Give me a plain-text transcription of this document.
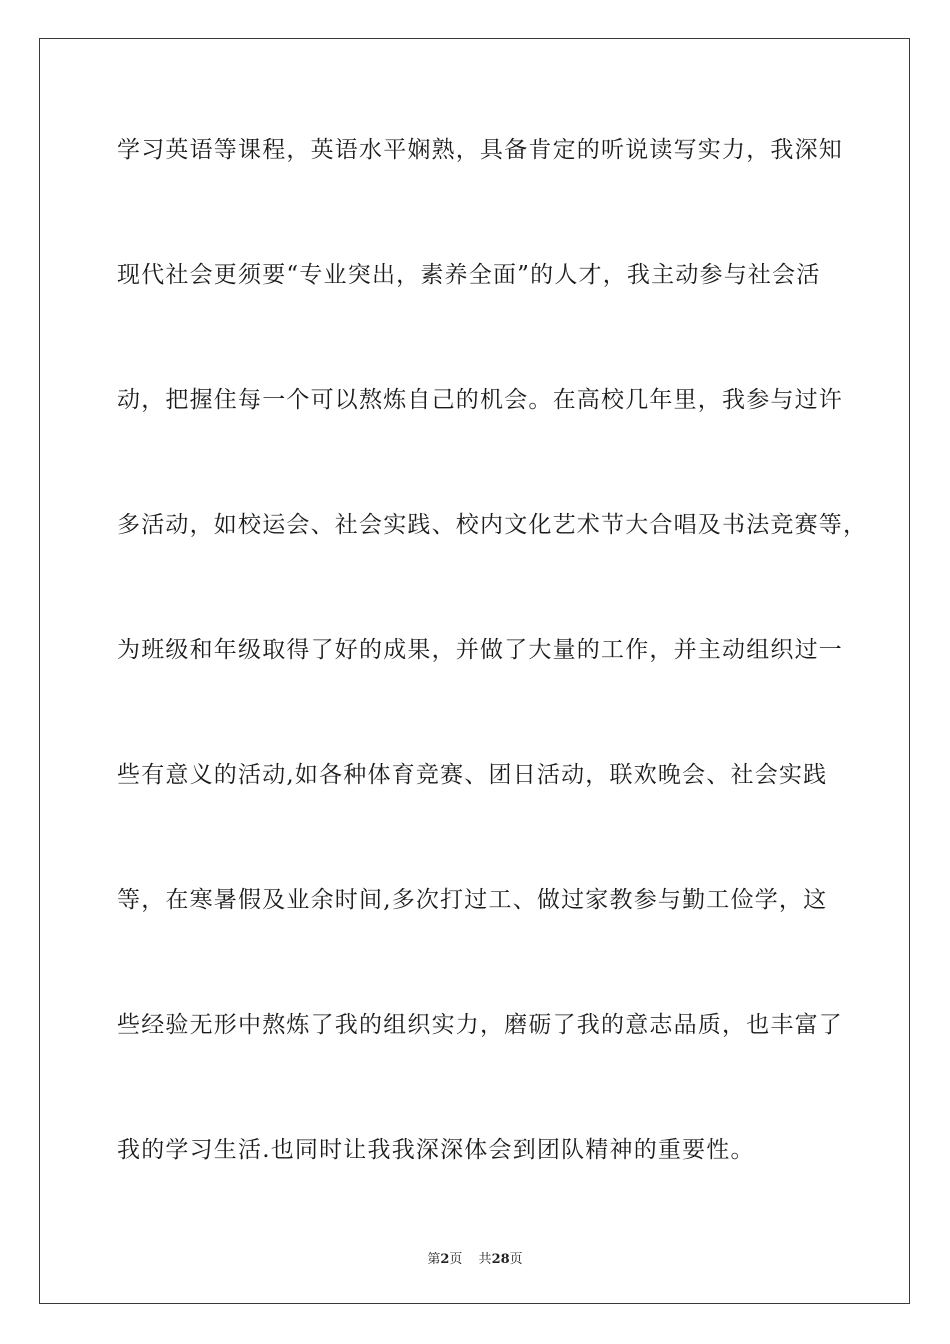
学习英语等课程，英语水平娴熟，具备肯定的听说读写实力，我深知
现代社会更须要“专业突出，素养全面”的人才，我主动参与社会活
动，把握住每一个可以熬炼自己的机会。在高校几年里，我参与过许
多活动，如校运会、社会实践、校内文化艺术节大合唱及书法竞赛等，
为班级和年级取得了好的成果，并做了大量的工作，并主动组织过一
些有意义的活动,如各种体育竞赛、团日活动，联欢晚会、社会实践
等，在寒暑假及业余时间,多次打过工、做过家教参与勤工俭学，这
些经验无形中熬炼了我的组织实力，磨砺了我的意志品质，也丰富了
我的学习生活.也同时让我我深深体会到团队精神的重要性。
第2页 共28页
